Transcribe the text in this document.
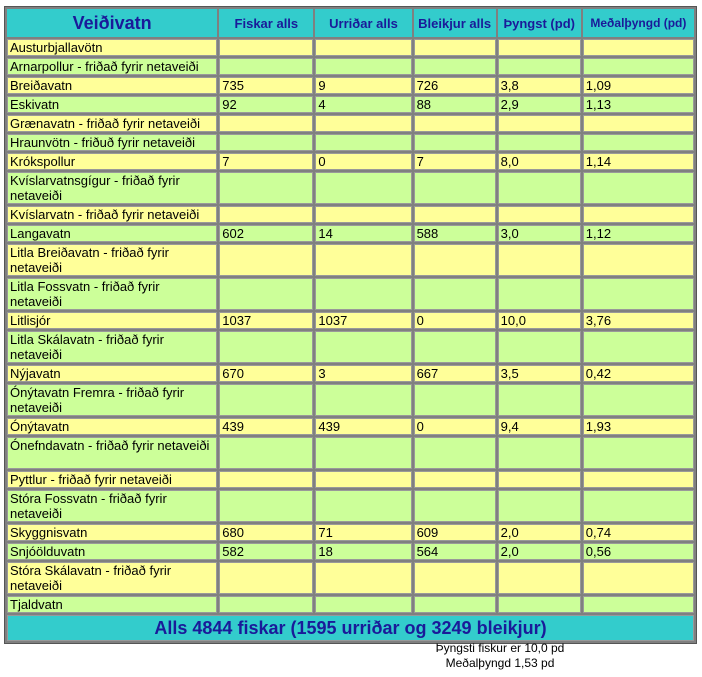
Veiðivatn	Fiskar alls	Urriðar alls	Bleikjur alls	Þyngst (pd)	Meðalþyngd (pd)
Austurbjallavötn					
Arnarpollur - friðað fyrir netaveiði					
Breiðavatn	735	9	726	3,8	1,09
Eskivatn	92	4	88	2,9	1,13
Grænavatn - friðað fyrir netaveiði					
Hraunvötn - friðuð fyrir netaveiði					
Krókspollur	7	0	7	8,0	1,14
Kvíslarvatnsgígur - friðað fyrir netaveiði					
Kvíslarvatn - friðað fyrir netaveiði					
Langavatn	602	14	588	3,0	1,12
Litla Breiðavatn - friðað fyrir netaveiði					
Litla Fossvatn - friðað fyrir netaveiði					
Litlisjór	1037	1037	0	10,0	3,76
Litla Skálavatn - friðað fyrir netaveiði					
Nýjavatn	670	3	667	3,5	0,42
Ónýtavatn Fremra - friðað fyrir netaveiði					
Ónýtavatn	439	439	0	9,4	1,93
Ónefndavatn - friðað fyrir netaveiði					
Pyttlur - friðað fyrir netaveiði					
Stóra Fossvatn - friðað fyrir netaveiði					
Skyggnisvatn	680	71	609	2,0	0,74
Snjóölduvatn	582	18	564	2,0	0,56
Stóra Skálavatn - friðað fyrir netaveiði					
Tjaldvatn					
Alls 4844 fiskar (1595 urriðar og 3249 bleikjur)					
Þyngsti fiskur er 10,0 pd
Meðalþyngd 1,53 pd
